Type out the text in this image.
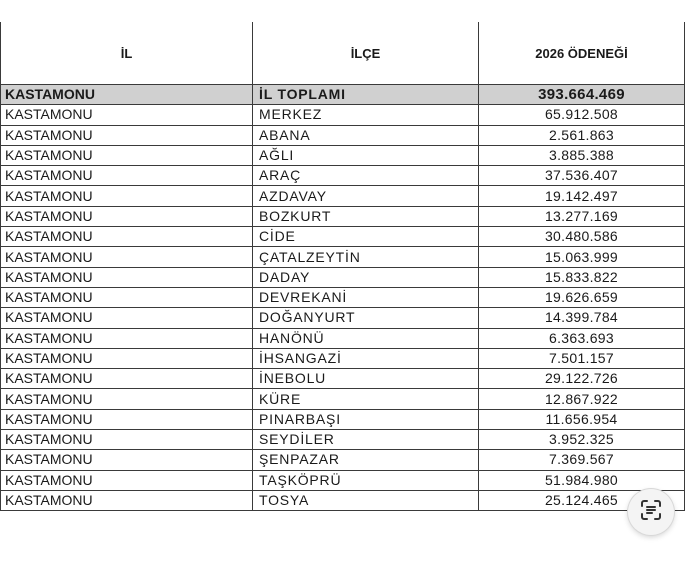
İL	İLÇE	2026 ÖDENEĞİ
KASTAMONU	İL TOPLAMI	393.664.469
KASTAMONU	MERKEZ	65.912.508
KASTAMONU	ABANA	2.561.863
KASTAMONU	AĞLI	3.885.388
KASTAMONU	ARAÇ	37.536.407
KASTAMONU	AZDAVAY	19.142.497
KASTAMONU	BOZKURT	13.277.169
KASTAMONU	CİDE	30.480.586
KASTAMONU	ÇATALZEYTİN	15.063.999
KASTAMONU	DADAY	15.833.822
KASTAMONU	DEVREKANİ	19.626.659
KASTAMONU	DOĞANYURT	14.399.784
KASTAMONU	HANÖNÜ	6.363.693
KASTAMONU	İHSANGAZİ	7.501.157
KASTAMONU	İNEBOLU	29.122.726
KASTAMONU	KÜRE	12.867.922
KASTAMONU	PINARBAŞI	11.656.954
KASTAMONU	SEYDİLER	3.952.325
KASTAMONU	ŞENPAZAR	7.369.567
KASTAMONU	TAŞKÖPRÜ	51.984.980
KASTAMONU	TOSYA	25.124.465
